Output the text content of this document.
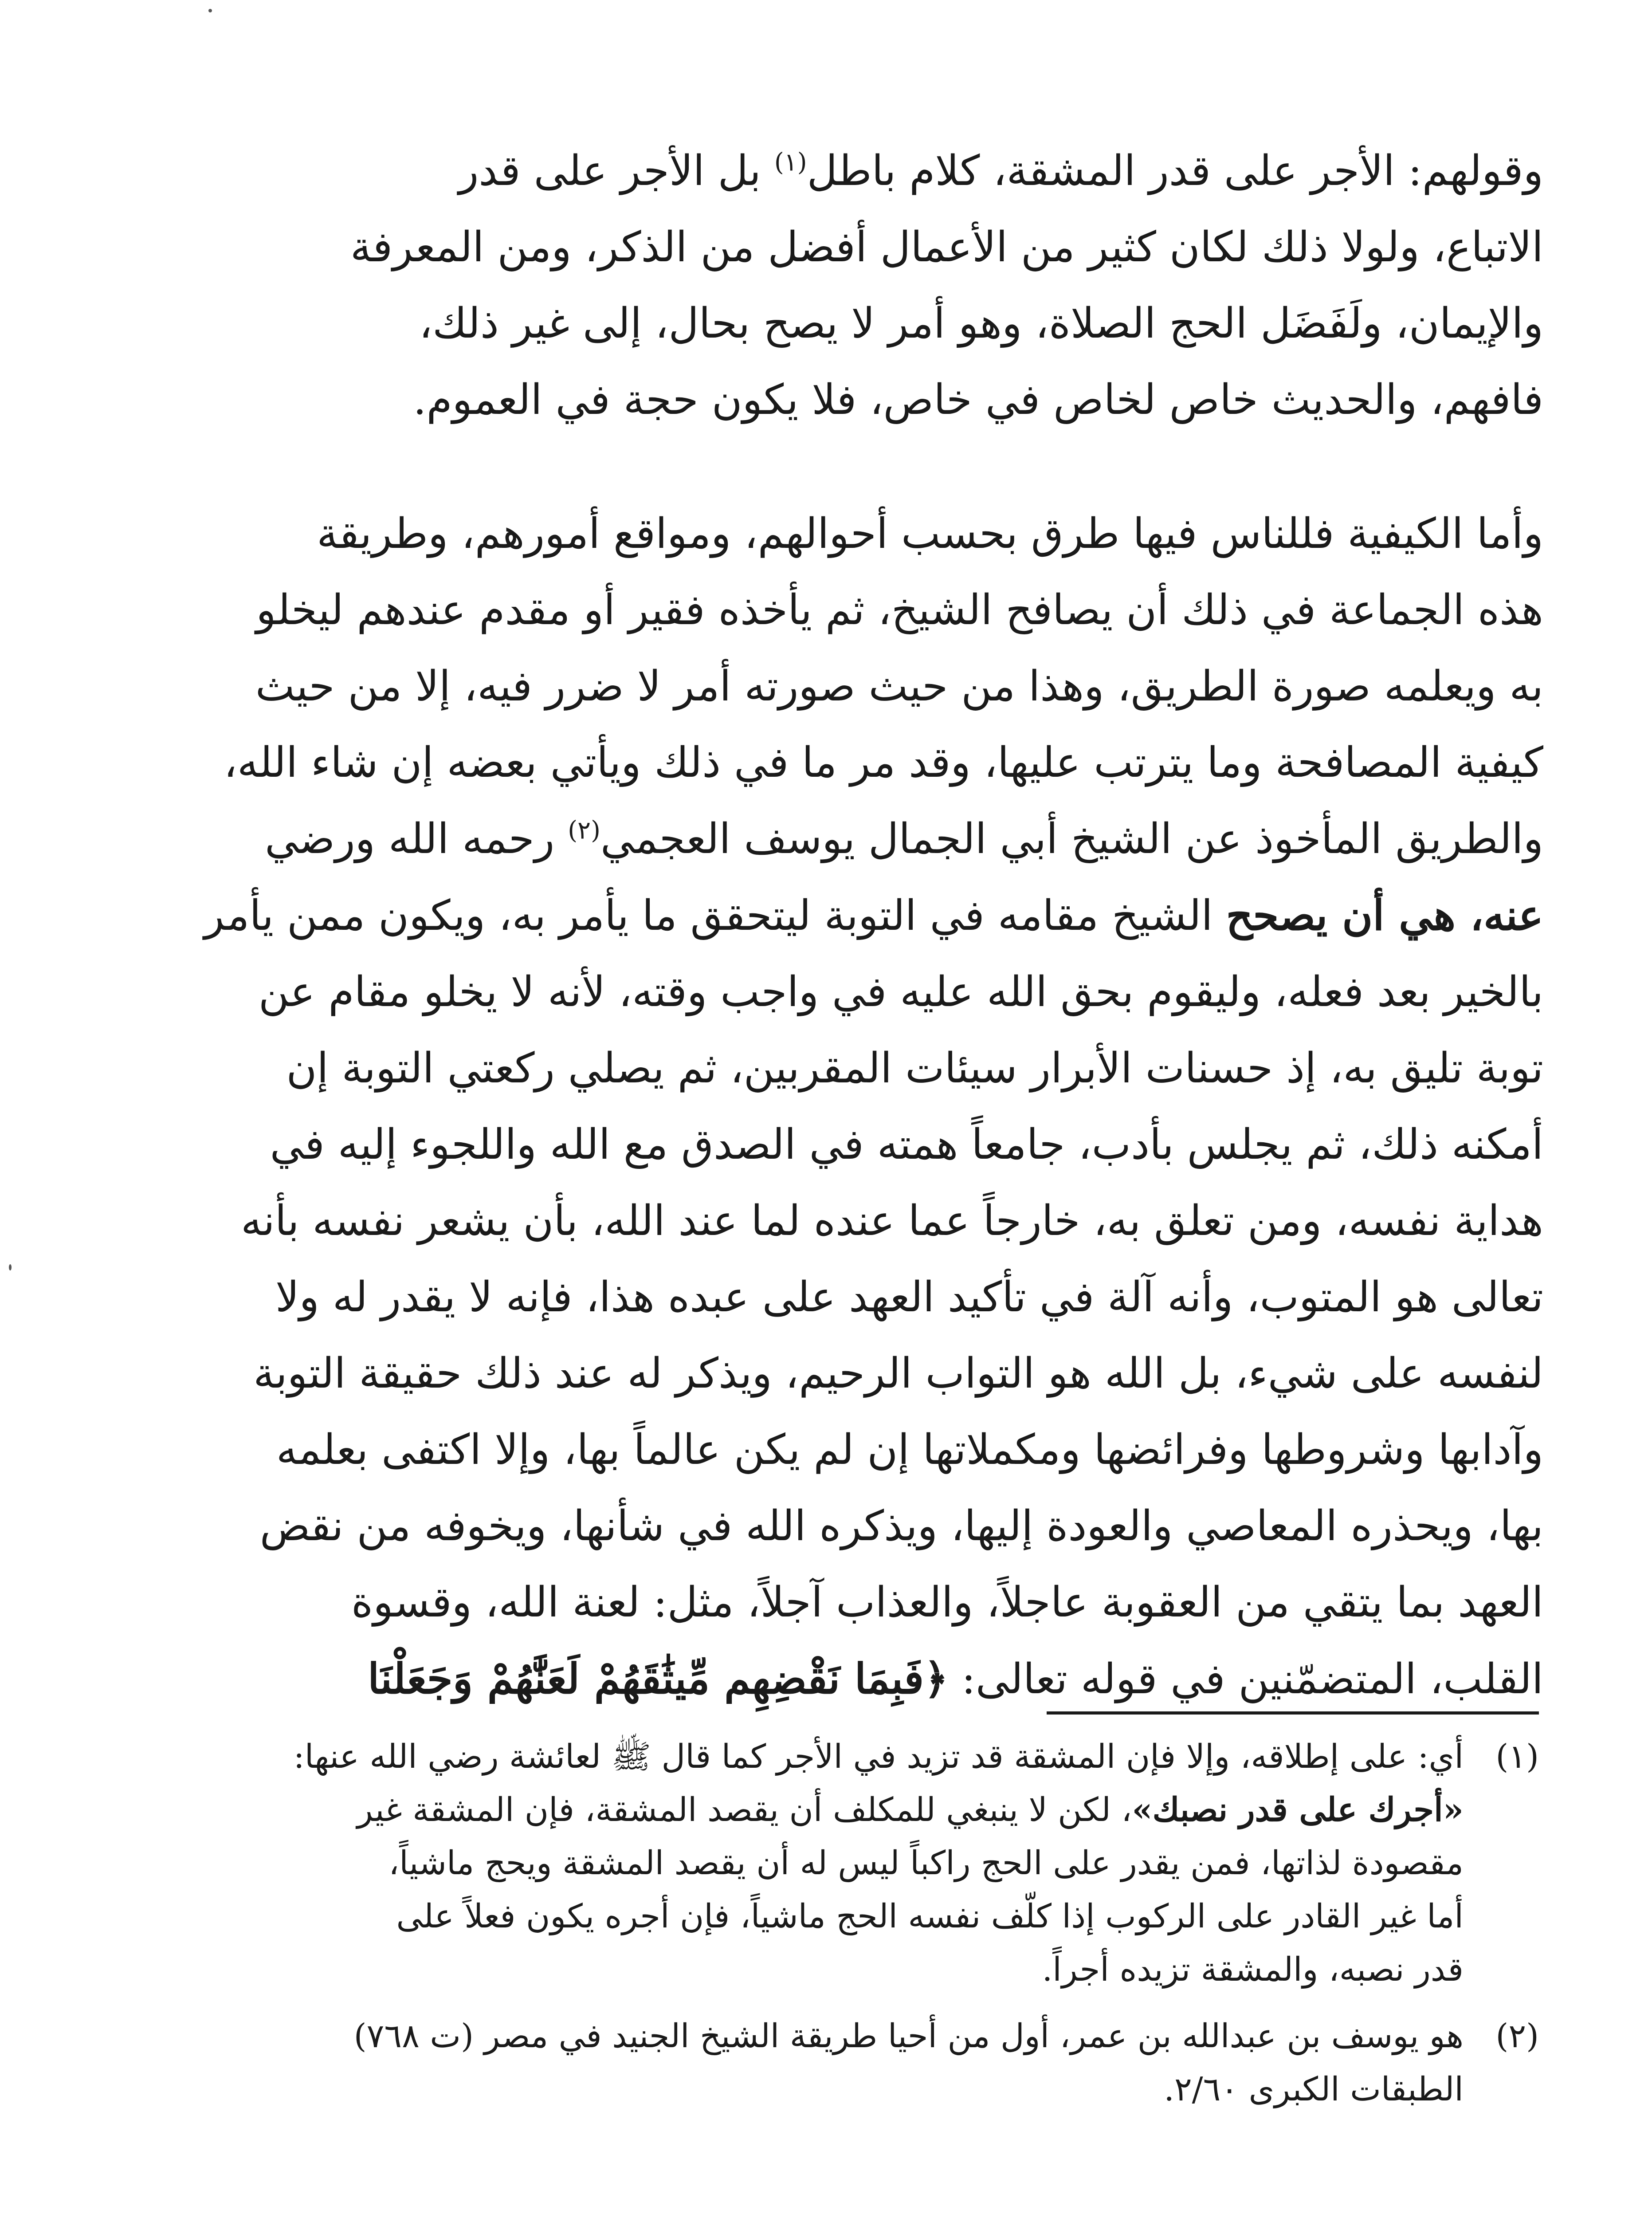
وقولهم: الأجر على قدر المشقة، كلام باطل$^{(١)}$ بل الأجر على قدر

الاتباع، ولولا ذلك لكان كثير من الأعمال أفضل من الذكر، ومن المعرفة

والإيمان، ولَفَضَل الحج الصلاة، وهو أمر لا يصح بحال، إلى غير ذلك،

فافهم، والحديث خاص لخاص في خاص، فلا يكون حجة في العموم.

وأما الكيفية فللناس فيها طرق بحسب أحوالهم، ومواقع أمورهم، وطريقة

هذه الجماعة في ذلك أن يصافح الشيخ، ثم يأخذه فقير أو مقدم عندهم ليخلو

به ويعلمه صورة الطريق، وهذا من حيث صورته أمر لا ضرر فيه، إلا من حيث

كيفية المصافحة وما يترتب عليها، وقد مر ما في ذلك ويأتي بعضه إن شاء الله،

والطريق المأخوذ عن الشيخ أبي الجمال يوسف العجمي$^{(٢)}$ رحمه الله ورضي

عنه، هي أن يصحح الشيخ مقامه في التوبة ليتحقق ما يأمر به، ويكون ممن يأمر

بالخير بعد فعله، وليقوم بحق الله عليه في واجب وقته، لأنه لا يخلو مقام عن

توبة تليق به، إذ حسنات الأبرار سيئات المقربين، ثم يصلي ركعتي التوبة إن

أمكنه ذلك، ثم يجلس بأدب، جامعاً همته في الصدق مع الله واللجوء إليه في

هداية نفسه، ومن تعلق به، خارجاً عما عنده لما عند الله، بأن يشعر نفسه بأنه

تعالى هو المتوب، وأنه آلة في تأكيد العهد على عبده هذا، فإنه لا يقدر له ولا

لنفسه على شيء، بل الله هو التواب الرحيم، ويذكر له عند ذلك حقيقة التوبة

وآدابها وشروطها وفرائضها ومكملاتها إن لم يكن عالماً بها، وإلا اكتفى بعلمه

بها، ويحذره المعاصي والعودة إليها، ويذكره الله في شأنها، ويخوفه من نقض

العهد بما يتقي من العقوبة عاجلاً، والعذاب آجلاً، مثل: لعنة الله، وقسوة

القلب، المتضمّنين في قوله تعالى: ﴿فَبِمَا نَقْضِهِم مِّيثَٰقَهُمْ لَعَنَّٰهُمْ وَجَعَلْنَا

(١)

أي: على إطلاقه، وإلا فإن المشقة قد تزيد في الأجر كما قال ﷺ لعائشة رضي الله عنها:

«أجرك على قدر نصبك»، لكن لا ينبغي للمكلف أن يقصد المشقة، فإن المشقة غير

مقصودة لذاتها، فمن يقدر على الحج راكباً ليس له أن يقصد المشقة ويحج ماشياً،

أما غير القادر على الركوب إذا كلّف نفسه الحج ماشياً، فإن أجره يكون فعلاً على

قدر نصبه، والمشقة تزيده أجراً.

(٢)

هو يوسف بن عبدالله بن عمر، أول من أحيا طريقة الشيخ الجنيد في مصر (ت ٧٦٨)

الطبقات الكبرى ٢/٦٠.
